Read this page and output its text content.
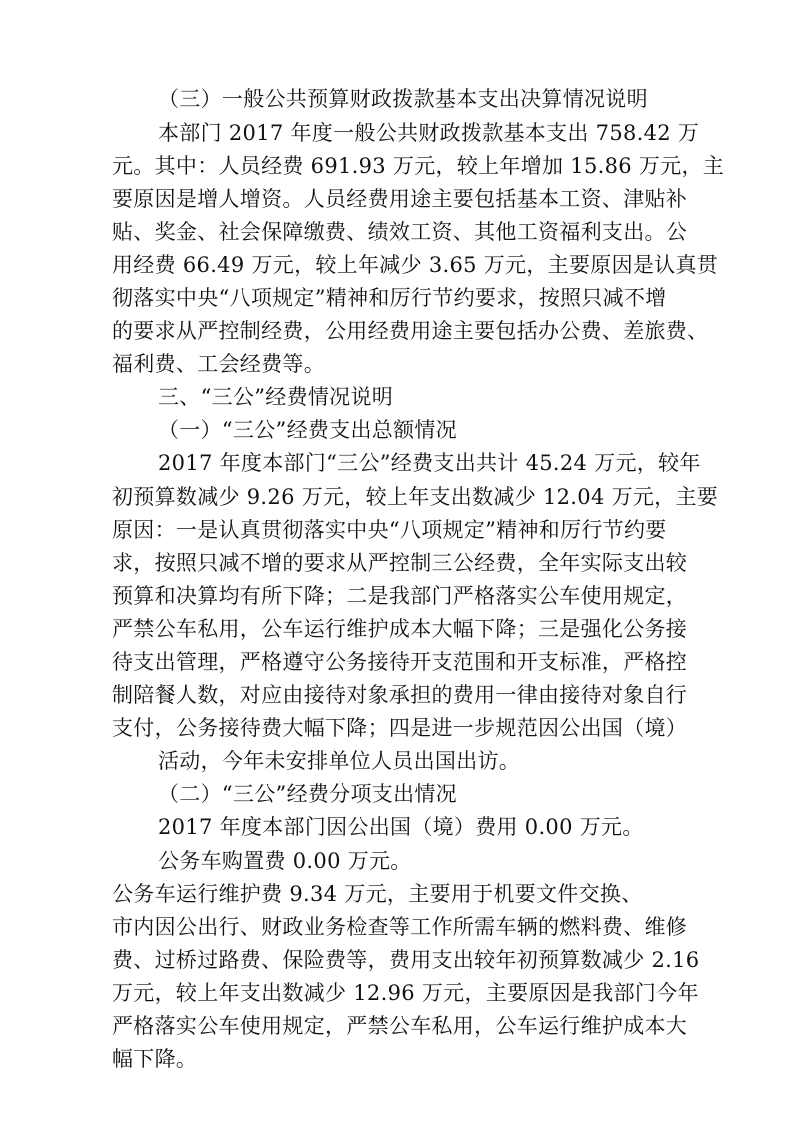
（三）一般公共预算财政拨款基本支出决算情况说明
本部门 2017 年度一般公共财政拨款基本支出 758.42 万
元。其中：人员经费 691.93 万元，较上年增加 15.86 万元，主
要原因是增人增资。人员经费用途主要包括基本工资、津贴补
贴、奖金、社会保障缴费、绩效工资、其他工资福利支出。公
用经费 66.49 万元，较上年减少 3.65 万元，主要原因是认真贯
彻落实中央“八项规定”精神和厉行节约要求，按照只减不增
的要求从严控制经费，公用经费用途主要包括办公费、差旅费、
福利费、工会经费等。
三、“三公”经费情况说明
（一）“三公”经费支出总额情况
2017 年度本部门“三公”经费支出共计 45.24 万元，较年
初预算数减少 9.26 万元，较上年支出数减少 12.04 万元，主要
原因：一是认真贯彻落实中央“八项规定”精神和厉行节约要
求，按照只减不增的要求从严控制三公经费，全年实际支出较
预算和决算均有所下降；二是我部门严格落实公车使用规定，
严禁公车私用，公车运行维护成本大幅下降；三是强化公务接
待支出管理，严格遵守公务接待开支范围和开支标准，严格控
制陪餐人数，对应由接待对象承担的费用一律由接待对象自行
支付，公务接待费大幅下降；四是进一步规范因公出国（境）
活动，今年未安排单位人员出国出访。
（二）“三公”经费分项支出情况
2017 年度本部门因公出国（境）费用 0.00 万元。
公务车购置费 0.00 万元。
公务车运行维护费 9.34 万元，主要用于机要文件交换、
市内因公出行、财政业务检查等工作所需车辆的燃料费、维修
费、过桥过路费、保险费等，费用支出较年初预算数减少 2.16
万元，较上年支出数减少 12.96 万元，主要原因是我部门今年
严格落实公车使用规定，严禁公车私用，公车运行维护成本大
幅下降。
